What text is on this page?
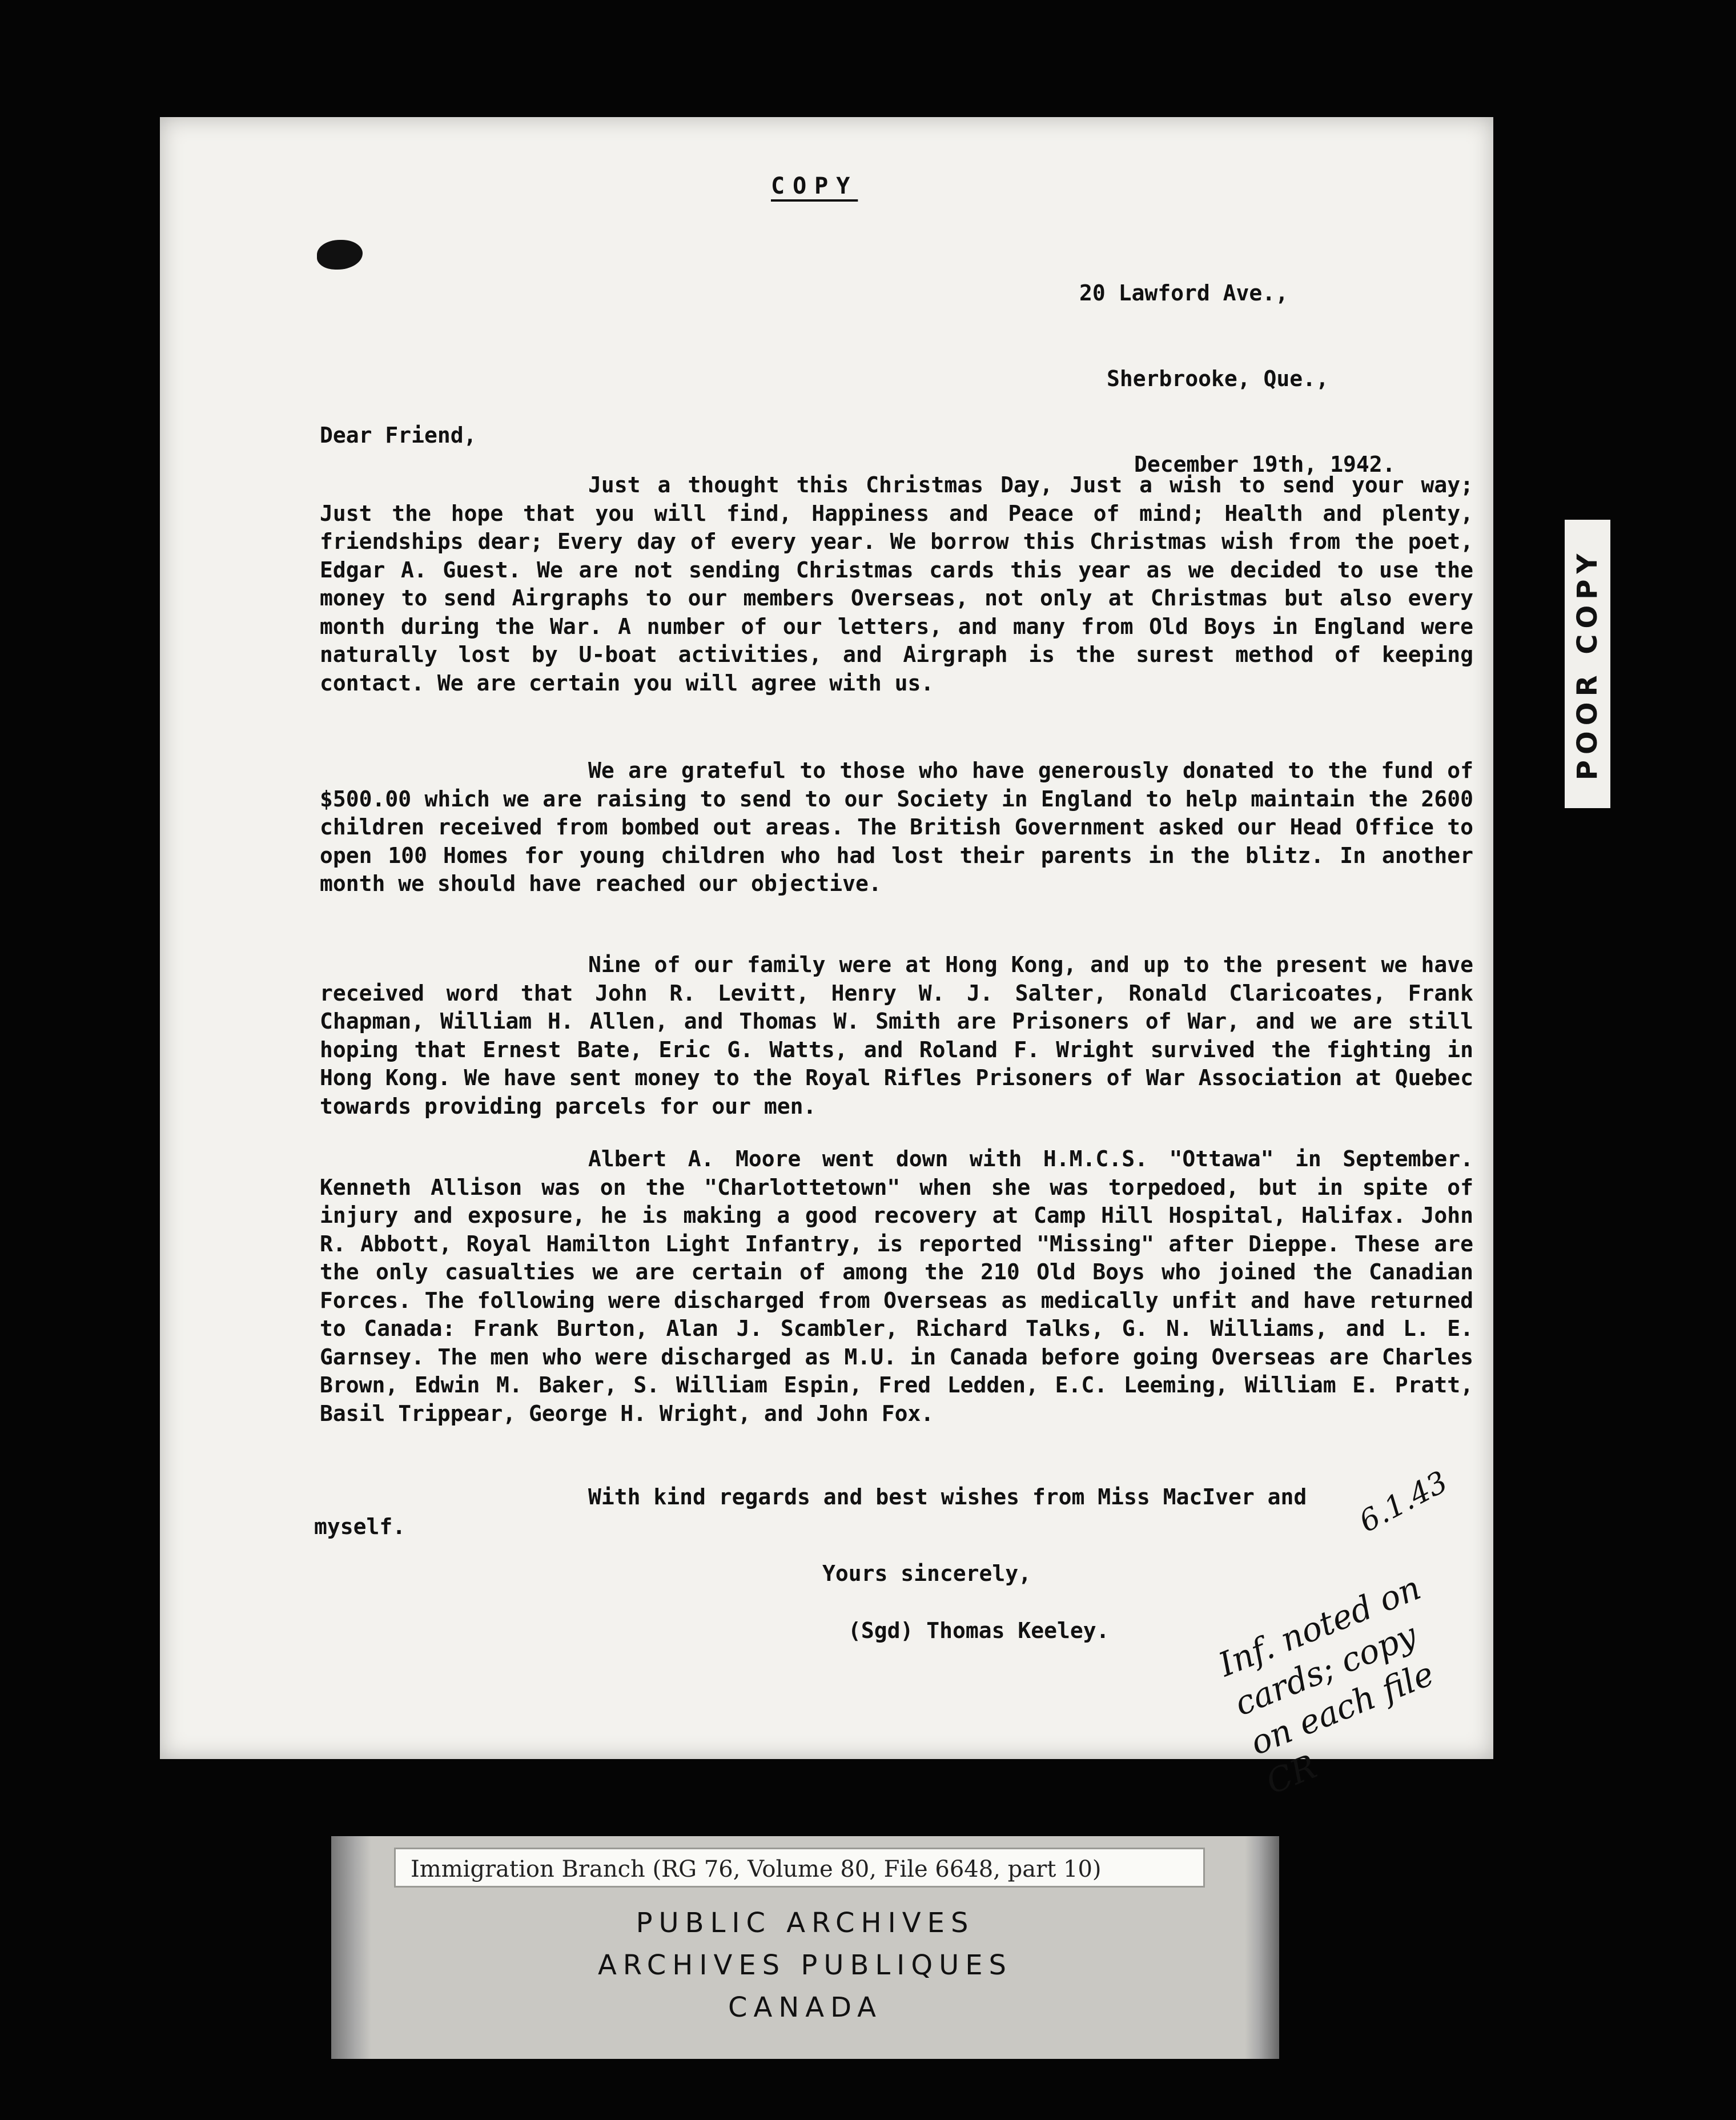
COPY

20 Lawford Ave.,

Sherbrooke, Que.,

December 19th, 1942.

Dear Friend,
Just a thought this Christmas Day, Just a wish to send your way; Just the hope that you will find, Happiness and Peace of mind; Health and plenty, friendships dear; Every day of every year. We borrow this Christmas wish from the poet, Edgar A. Guest. We are not sending Christmas cards this year as we decided to use the money to send Airgraphs to our members Overseas, not only at Christmas but also every month during the War. A number of our letters, and many from Old Boys in England were naturally lost by U-boat activities, and Airgraph is the surest method of keeping contact. We are certain you will agree with us.
We are grateful to those who have generously donated to the fund of $500.00 which we are raising to send to our Society in England to help maintain the 2600 children received from bombed out areas. The British Government asked our Head Office to open 100 Homes for young children who had lost their parents in the blitz. In another month we should have reached our objective.
Nine of our family were at Hong Kong, and up to the present we have received word that John R. Levitt, Henry W. J. Salter, Ronald Claricoates, Frank Chapman, William H. Allen, and Thomas W. Smith are Prisoners of War, and we are still hoping that Ernest Bate, Eric G. Watts, and Roland F. Wright survived the fighting in Hong Kong. We have sent money to the Royal Rifles Prisoners of War Association at Quebec towards providing parcels for our men.
Albert A. Moore went down with H.M.C.S. "Ottawa" in September. Kenneth Allison was on the "Charlottetown" when she was torpedoed, but in spite of injury and exposure, he is making a good recovery at Camp Hill Hospital, Halifax. John R. Abbott, Royal Hamilton Light Infantry, is reported "Missing" after Dieppe. These are the only casualties we are certain of among the 210 Old Boys who joined the Canadian Forces. The following were discharged from Overseas as medically unfit and have returned to Canada: Frank Burton, Alan J. Scambler, Richard Talks, G. N. Williams, and L. E. Garnsey. The men who were discharged as M.U. in Canada before going Overseas are Charles Brown, Edwin M. Baker, S. William Espin, Fred Ledden, E.C. Leeming, William E. Pratt, Basil Trippear, George H. Wright, and John Fox.
With kind regards and best wishes from Miss MacIver and myself.
Yours sincerely,
(Sgd) Thomas Keeley.
6.1.43
Inf. noted on
cards; copy
on each file
CR
POOR COPY
Immigration Branch (RG 76, Volume 80, File 6648, part 10)
PUBLIC ARCHIVES
ARCHIVES PUBLIQUES
CANADA
